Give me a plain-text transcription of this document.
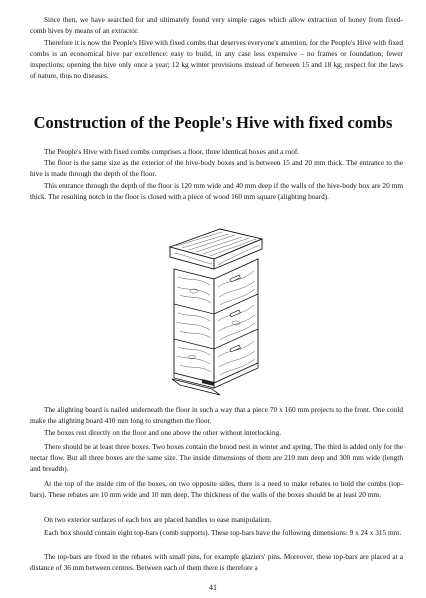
Since then, we have searched for and ultimately found very simple cages which allow extraction of honey from fixed-comb hives by means of an extractor.

Therefore it is now the People's Hive with fixed combs that deserves everyone's attention, for the People's Hive with fixed combs is an economical hive par excellence: easy to build, in any case less expensive – no frames or foundation; fewer inspections; opening the hive only once a year; 12 kg winter provisions instead of between 15 and 18 kg; respect for the laws of nature, thus no diseases.

Construction of the People's Hive with fixed combs

The People's Hive with fixed combs comprises a floor, three identical boxes and a roof.

The floor is the same size as the exterior of the hive-body boxes and is between 15 and 20 mm thick. The entrance to the hive is made through the depth of the floor.

This entrance through the depth of the floor is 120 mm wide and 40 mm deep if the walls of the hive-body box are 20 mm thick. The resulting notch in the floor is closed with a piece of wood 160 mm square (alighting board).

The alighting board is nailed underneath the floor in such a way that a piece 70 x 160 mm projects to the front. One could make the alighting board 410 mm long to strengthen the floor.

The boxes rest directly on the floor and one above the other without interlocking.

There should be at least three boxes. Two boxes contain the brood nest in winter and spring. The third is added only for the nectar flow. But all three boxes are the same size. The inside dimensions of them are 210 mm deep and 300 mm wide (length and breadth).

At the top of the inside rim of the boxes, on two opposite sides, there is a need to make rebates to hold the combs (top-bars). These rebates are 10 mm wide and 10 mm deep. The thickness of the walls of the boxes should be at least 20 mm.

On two exterior surfaces of each box are placed handles to ease manipulation.

Each box should contain eight top-bars (comb supports). These top-bars have the following dimensions: 9 x 24 x 315 mm.

The top-bars are fixed in the rebates with small pins, for example glaziers' pins. Moreover, these top-bars are placed at a distance of 36 mm between centres. Between each of them there is therefore a

41
